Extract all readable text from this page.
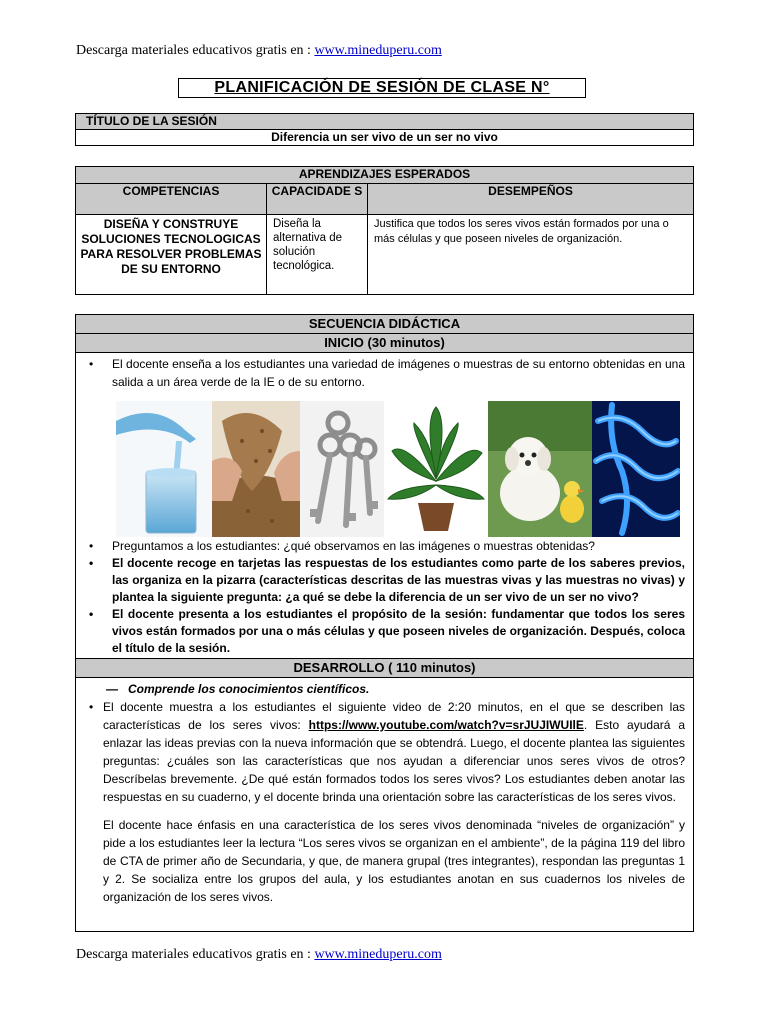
Descarga materiales educativos gratis en : www.mineduperu.com
PLANIFICACIÓN DE SESIÓN DE CLASE N°
TÍTULO DE LA SESIÓN
Diferencia un ser vivo de un ser no vivo
APRENDIZAJES ESPERADOS		
COMPETENCIAS	CAPACIDADE S	DESEMPEÑOS
DISEÑA Y CONSTRUYE SOLUCIONES TECNOLOGICAS PARA RESOLVER PROBLEMAS DE SU ENTORNO	Diseña la alternativa de solución tecnológica.	Justifica que todos los seres vivos están formados por una o más células y que poseen niveles de organización.
SECUENCIA DIDÁCTICA
INICIO (30 minutos)
• El docente enseña a los estudiantes una variedad de imágenes o muestras de su entorno obtenidas en una salida a un área verde de la IE o de su entorno.
• Preguntamos a los estudiantes: ¿qué observamos en las imágenes o muestras obtenidas?
• El docente recoge en tarjetas las respuestas de los estudiantes como parte de los saberes previos, las organiza en la pizarra (características descritas de las muestras vivas y las muestras no vivas) y plantea la siguiente pregunta: ¿a qué se debe la diferencia de un ser vivo de un ser no vivo?
• El docente presenta a los estudiantes el propósito de la sesión: fundamentar que todos los seres vivos están formados por una o más células y que poseen niveles de organización. Después, coloca el título de la sesión.
DESARROLLO ( 110 minutos)
—   Comprende los conocimientos científicos.
• El docente muestra a los estudiantes el siguiente video de 2:20 minutos, en el que se describen las características de los seres vivos: https://www.youtube.com/watch?v=srJUJIWUIlE. Esto ayudará a enlazar las ideas previas con la nueva información que se obtendrá. Luego, el docente plantea las siguientes preguntas: ¿cuáles son las características que nos ayudan a diferenciar unos seres vivos de otros? Descríbelas brevemente. ¿De qué están formados todos los seres vivos? Los estudiantes deben anotar las respuestas en su cuaderno, y el docente brinda una orientación sobre las características de los seres vivos.
El docente hace énfasis en una característica de los seres vivos denominada “niveles de organización” y pide a los estudiantes leer la lectura “Los seres vivos se organizan en el ambiente”, de la página 119 del libro de CTA de primer año de Secundaria, y que, de manera grupal (tres integrantes), respondan las preguntas 1 y 2. Se socializa entre los grupos del aula, y los estudiantes anotan en sus cuadernos los niveles de organización de los seres vivos.
Descarga materiales educativos gratis en : www.mineduperu.com
